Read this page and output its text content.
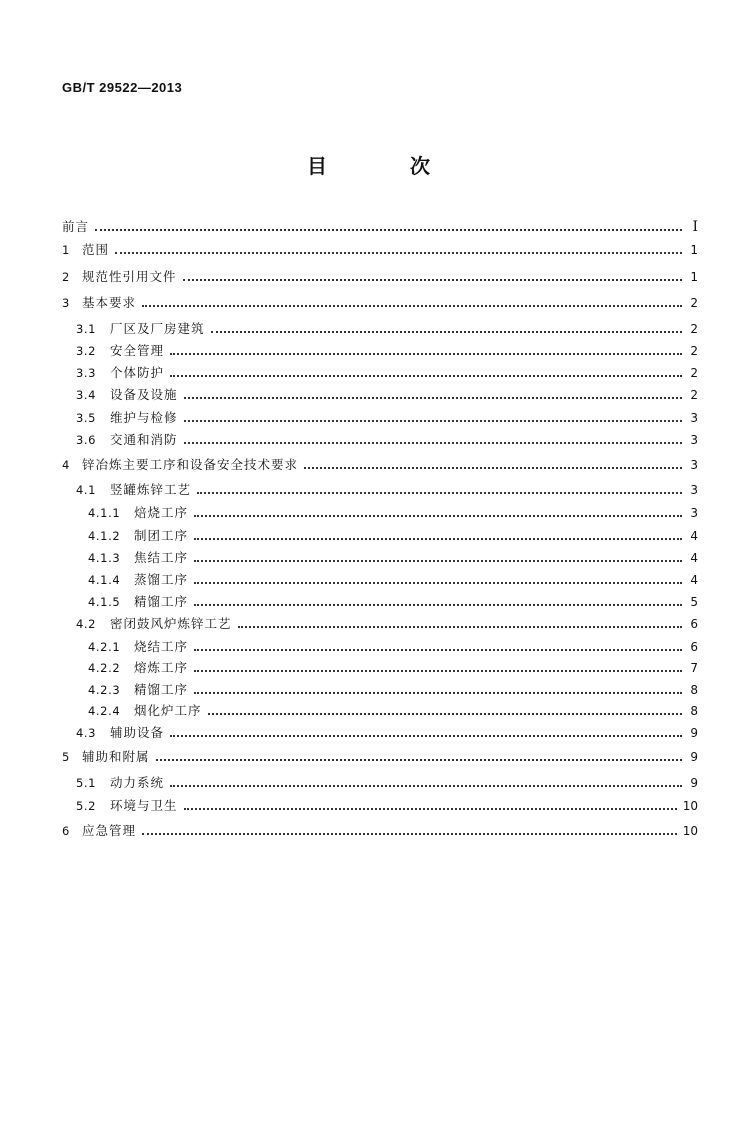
GB/T 29522—2013
目 次
前言	Ⅰ
1 范围	1
2 规范性引用文件	1
3 基本要求	2
3.1 厂区及厂房建筑	2
3.2 安全管理	2
3.3 个体防护	2
3.4 设备及设施	2
3.5 维护与检修	3
3.6 交通和消防	3
4 锌冶炼主要工序和设备安全技术要求	3
4.1 竖罐炼锌工艺	3
4.1.1 焙烧工序	3
4.1.2 制团工序	4
4.1.3 焦结工序	4
4.1.4 蒸馏工序	4
4.1.5 精馏工序	5
4.2 密闭鼓风炉炼锌工艺	6
4.2.1 烧结工序	6
4.2.2 熔炼工序	7
4.2.3 精馏工序	8
4.2.4 烟化炉工序	8
4.3 辅助设备	9
5 辅助和附属	9
5.1 动力系统	9
5.2 环境与卫生	10
6 应急管理	10
